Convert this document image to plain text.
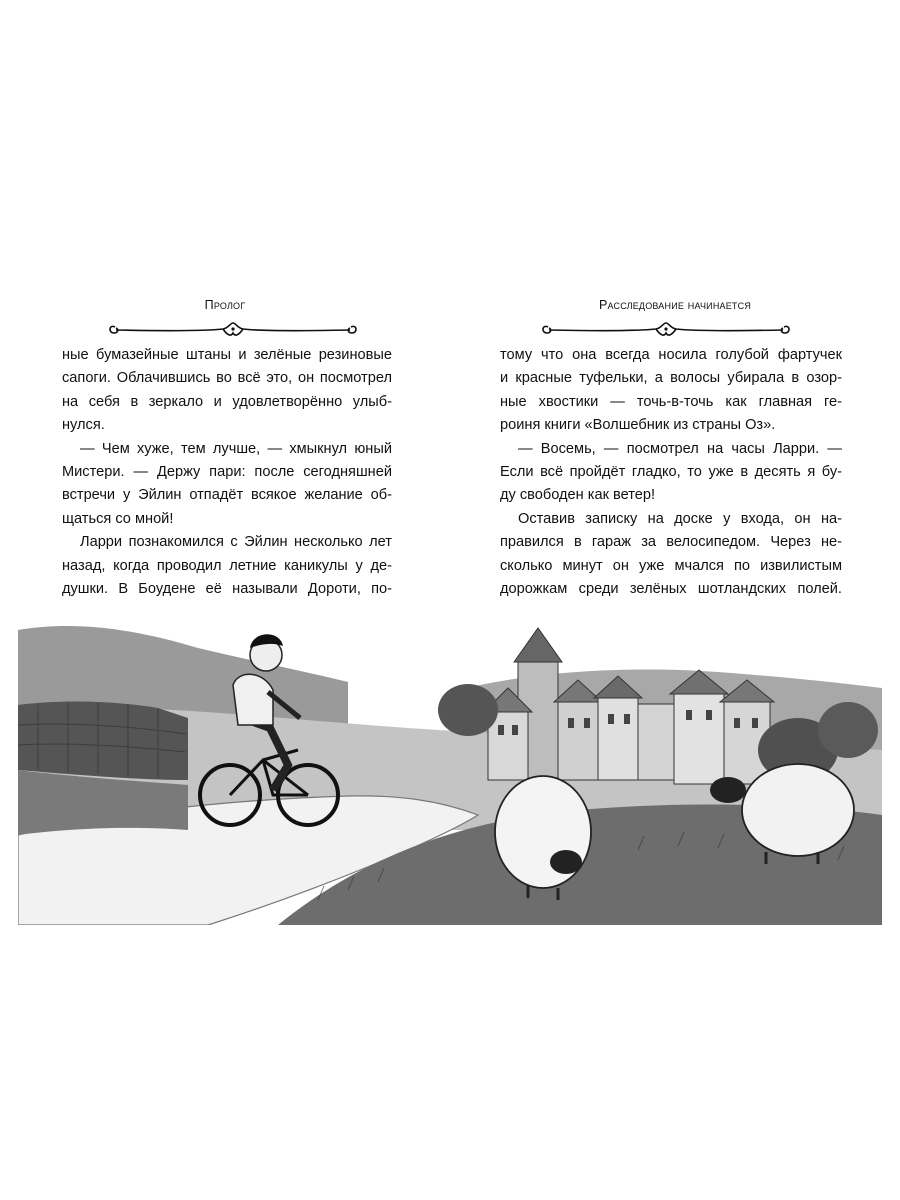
Пролог
ные бумазейные штаны и зелёные резиновые
сапоги. Облачившись во всё это, он посмотрел
на себя в зеркало и удовлетворённо улыб-
нулся.
— Чем хуже, тем лучше, — хмыкнул юный
Мистери. — Держу пари: после сегодняшней
встречи у Эйлин отпадёт всякое желание об-
щаться со мной!
Ларри познакомился с Эйлин несколько лет
назад, когда проводил летние каникулы у де-
душки. В Боудене её называли Дороти, по-
Расследование начинается
тому что она всегда носила голубой фартучек
и красные туфельки, а волосы убирала в озор-
ные хвостики — точь-в-точь как главная ге-
роиня книги «Волшебник из страны Оз».
— Восемь, — посмотрел на часы Ларри. —
Если всё пройдёт гладко, то уже в десять я бу-
ду свободен как ветер!
Оставив записку на доске у входа, он на-
правился в гараж за велосипедом. Через не-
сколько минут он уже мчался по извилистым
дорожкам среди зелёных шотландских полей.
